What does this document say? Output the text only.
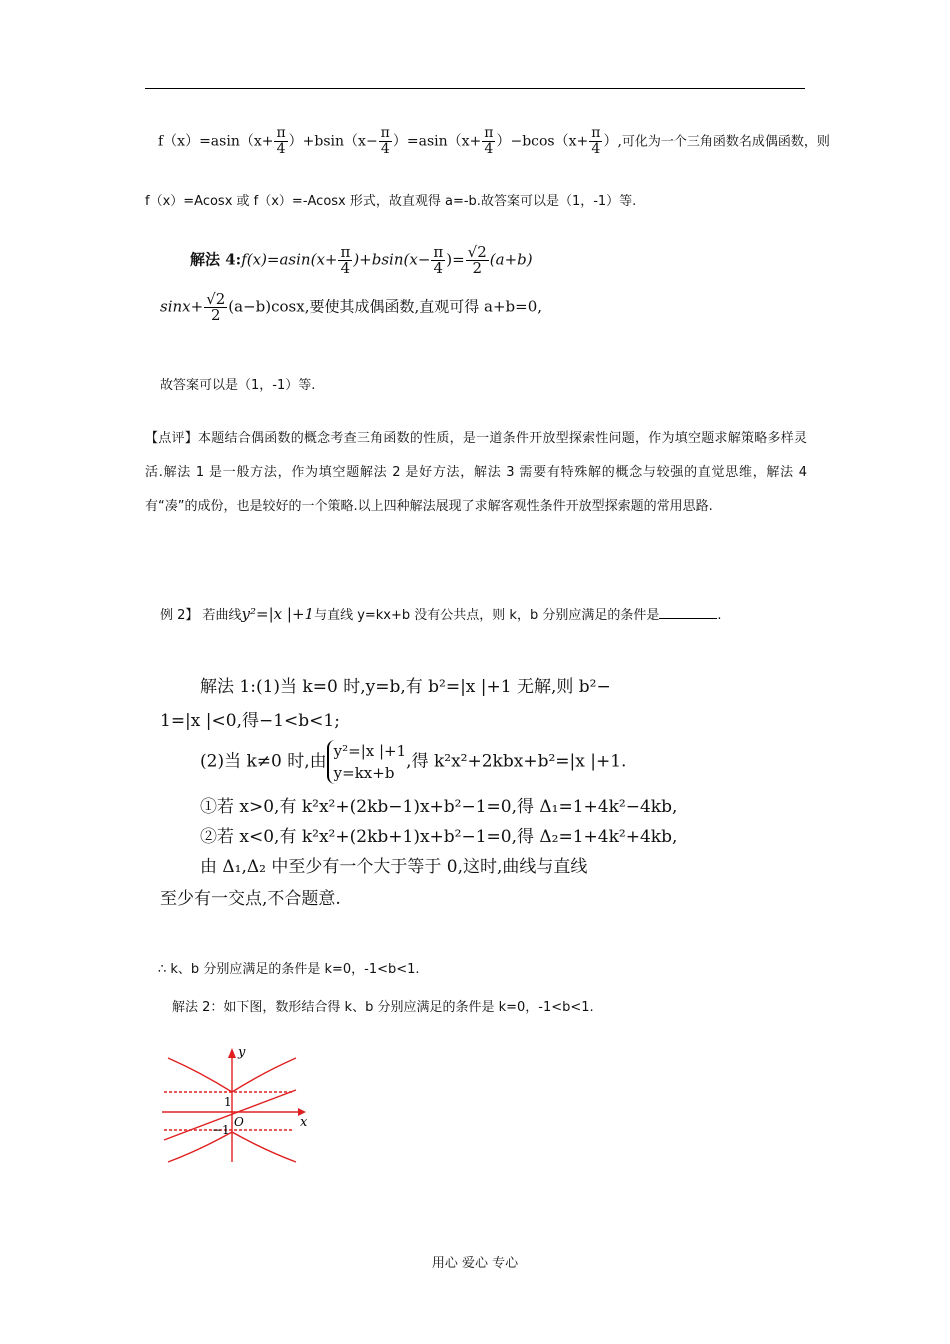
$f(x)=asin(x+ \frac{\pi}{4} )+bsin(x- \frac{\pi}{4} )=asin(x+ \frac{\pi}{4} )-bcos(x+ \frac{\pi}{4}$ ）,可化为一个三角函数名成偶函数，则
f（x）=Acosx 或 f（x）=-Acosx 形式，故直观得 a=-b.故答案可以是（1，-1）等.
解法 4:f(x)=asin(x+ $\frac{\pi}{4} )+bsin(x- \frac{\pi}{4}$ )= $\frac{√2}{2} (a+b)$
$\sin x+ \frac{√2}{2} (a-b)\cos x$,要使其成偶函数,直观可得 a+b=0,
故答案可以是（1，-1）等.
【点评】本题结合偶函数的概念考查三角函数的性质，是一道条件开放型探索性问题，作为填空题求解策略多样灵活.解法 1 是一般方法，作为填空题解法 2 是好方法，解法 3 需要有特殊解的概念与较强的直觉思维，解法 4 有“凑”的成份，也是较好的一个策略.以上四种解法展现了求解客观性条件开放型探索题的常用思路.
例 2】 若曲线y²=|x |+1与直线 y=kx+b 没有公共点，则 k，b 分别应满足的条件是	.
解法 1:(1)当 k=0 时,y=b,有 b²=|x |+1 无解,则 b²−
1=|x |<0,得−1<b<1;
(2)当 k≠0 时,由
y²=|x |+1
y=kx+b
,得 k²x²+2kbx+b²=|x |+1.
①若 x>0,有 k²x²+(2kb−1)x+b²−1=0,得 Δ₁=1+4k²−4kb,
②若 x<0,有 k²x²+(2kb+1)x+b²−1=0,得 Δ₂=1+4k²+4kb,
由 Δ₁,Δ₂ 中至少有一个大于等于 0,这时,曲线与直线
至少有一交点,不合题意.
∴ k、b 分别应满足的条件是 k=0，-1<b<1.
解法 2：如下图，数形结合得 k、b 分别应满足的条件是 k=0，-1<b<1.
y
x
1
−1
O
用心 爱心 专心
